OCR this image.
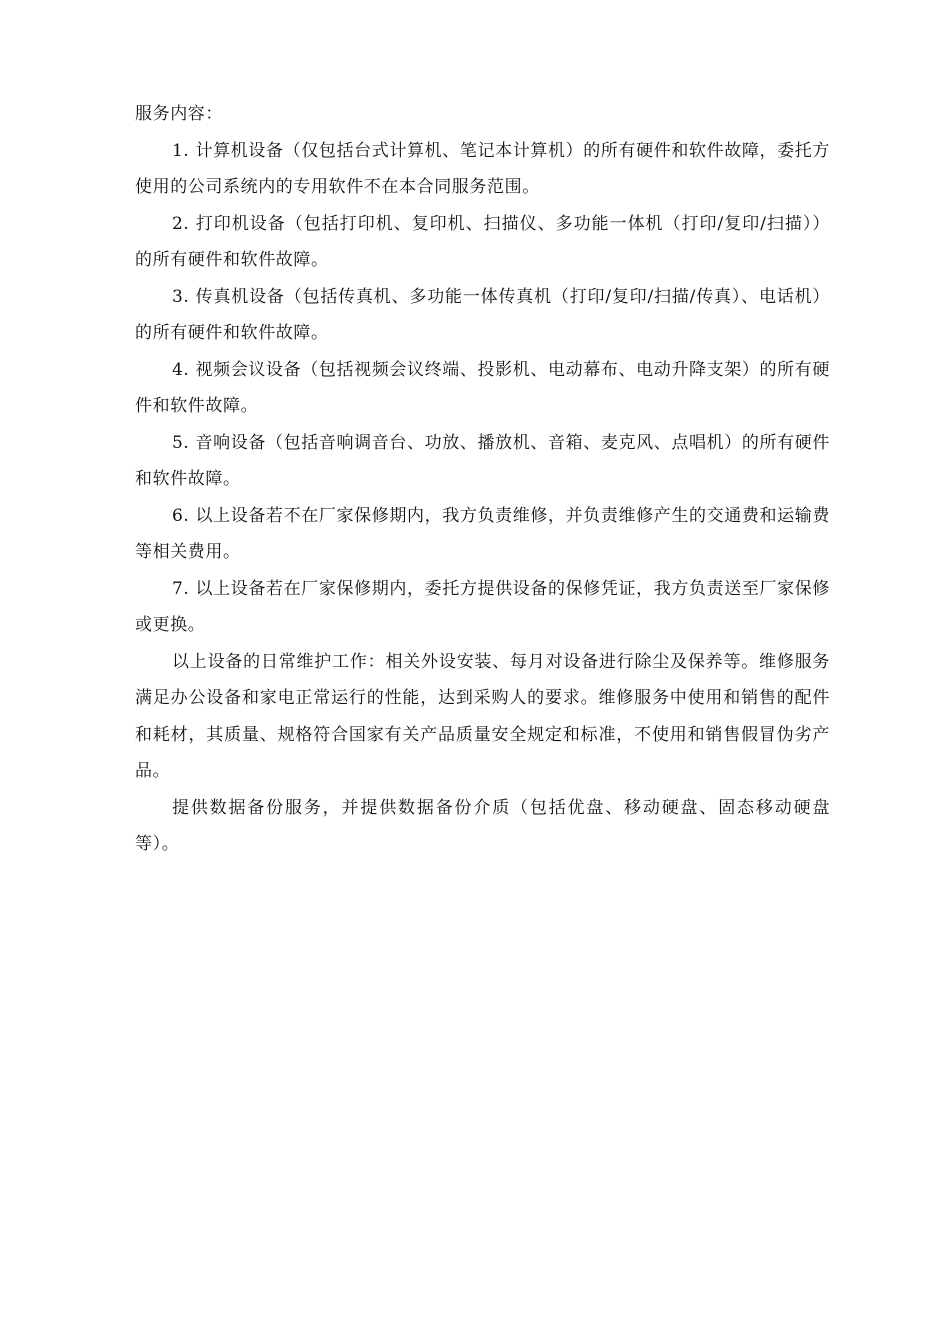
服务内容：

1. 计算机设备（仅包括台式计算机、笔记本计算机）的所有硬件和软件故障，委托方使用的公司系统内的专用软件不在本合同服务范围。

2. 打印机设备（包括打印机、复印机、扫描仪、多功能一体机（打印/复印/扫描））的所有硬件和软件故障。

3. 传真机设备（包括传真机、多功能一体传真机（打印/复印/扫描/传真）、电话机）的所有硬件和软件故障。

4. 视频会议设备（包括视频会议终端、投影机、电动幕布、电动升降支架）的所有硬件和软件故障。

5. 音响设备（包括音响调音台、功放、播放机、音箱、麦克风、点唱机）的所有硬件和软件故障。

6. 以上设备若不在厂家保修期内，我方负责维修，并负责维修产生的交通费和运输费等相关费用。

7. 以上设备若在厂家保修期内，委托方提供设备的保修凭证，我方负责送至厂家保修或更换。

以上设备的日常维护工作：相关外设安装、每月对设备进行除尘及保养等。维修服务满足办公设备和家电正常运行的性能，达到采购人的要求。维修服务中使用和销售的配件和耗材，其质量、规格符合国家有关产品质量安全规定和标准，不使用和销售假冒伪劣产品。

提供数据备份服务，并提供数据备份介质（包括优盘、移动硬盘、固态移动硬盘等）。
